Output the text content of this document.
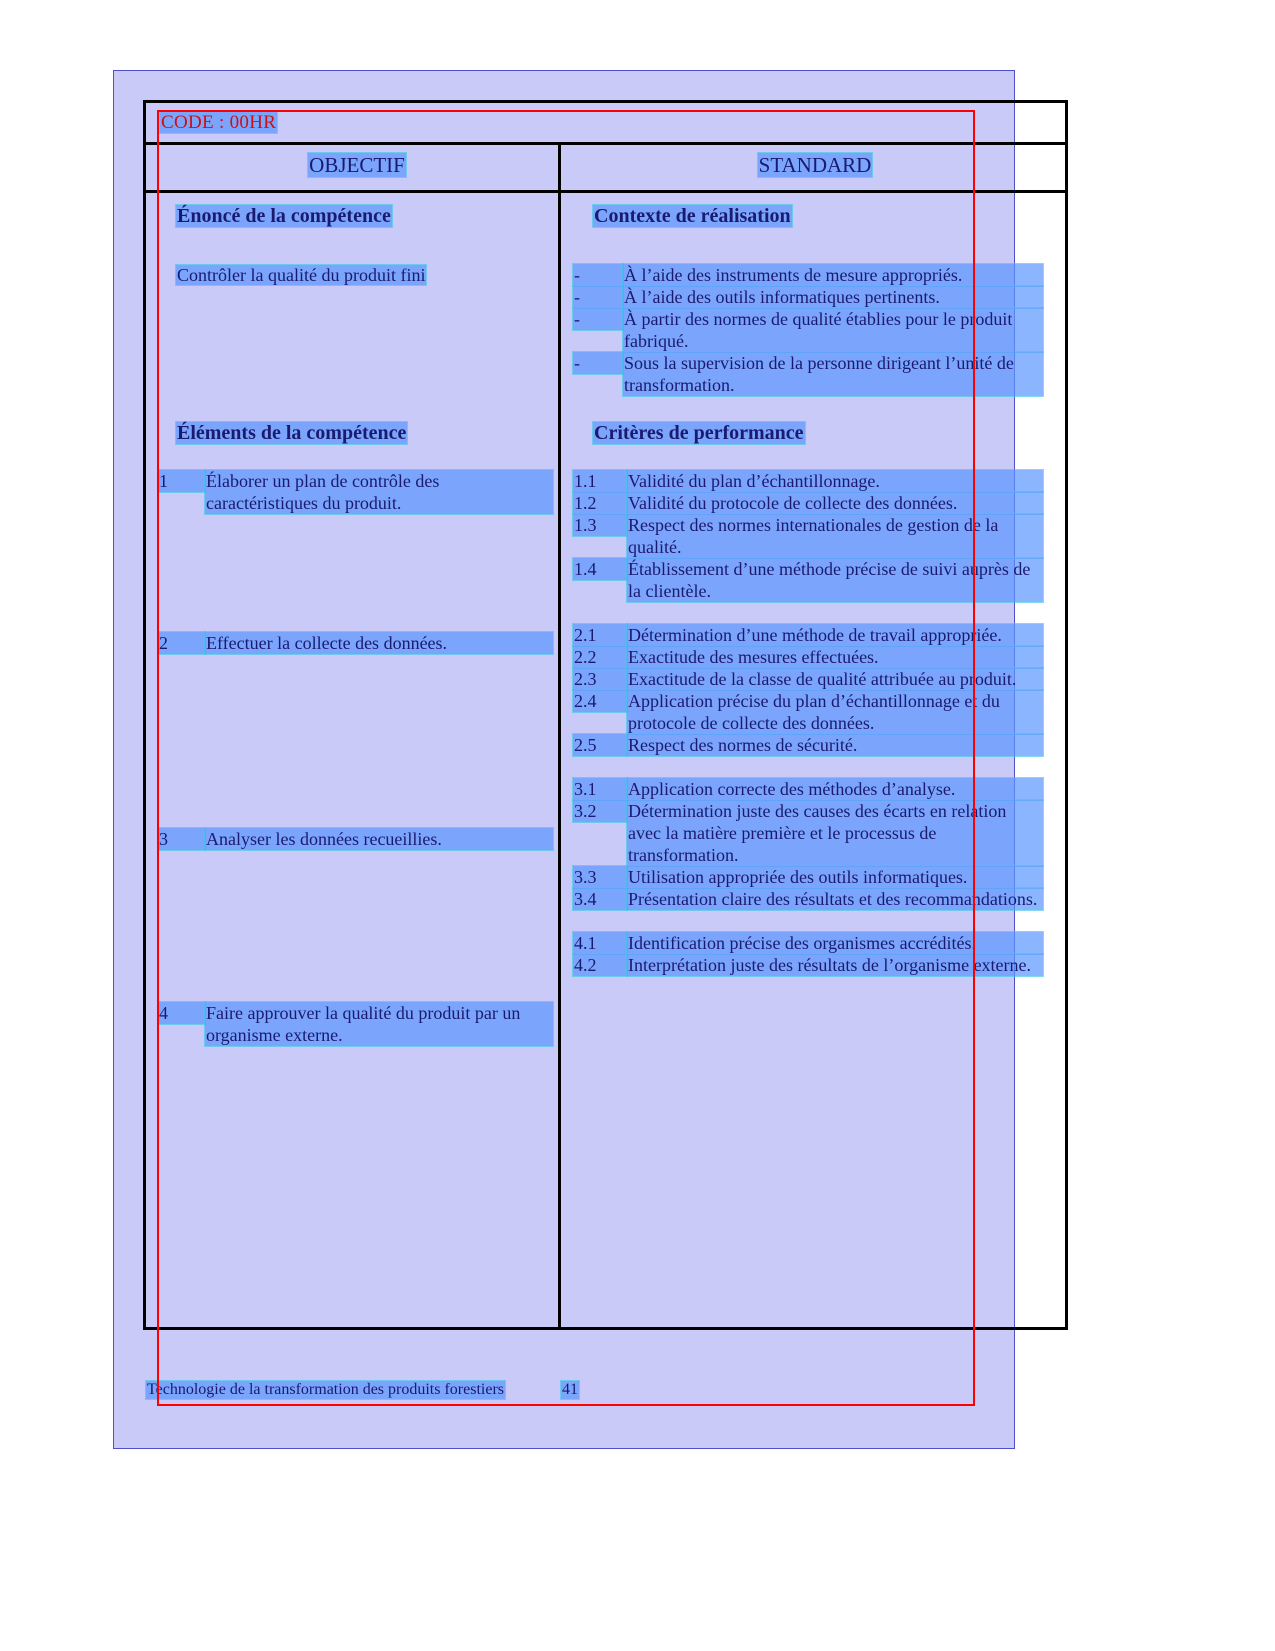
CODE : 00HR
OBJECTIF	STANDARD
Énoncé de la compétence	Contexte de réalisation
Contrôler la qualité du produit fini	-	À l’aide des instruments de mesure appropriés.
-	À l’aide des outils informatiques pertinents.
-	À partir des normes de qualité établies pour le produit fabriqué.
-	Sous la supervision de la personne dirigeant l’unité de transformation.
Éléments de la compétence	Critères de performance
1	Élaborer un plan de contrôle des caractéristiques du produit.
2	Effectuer la collecte des données.
3	Analyser les données recueillies.
4	Faire approuver la qualité du produit par un organisme externe.
1.1	Validité du plan d’échantillonnage.
1.2	Validité du protocole de collecte des données.
1.3	Respect des normes internationales de gestion de la qualité.
1.4	Établissement d’une méthode précise de suivi auprès de la clientèle.
2.1	Détermination d’une méthode de travail appropriée.
2.2	Exactitude des mesures effectuées.
2.3	Exactitude de la classe de qualité attribuée au produit.
2.4	Application précise du plan d’échantillonnage et du protocole de collecte des données.
2.5	Respect des normes de sécurité.
3.1	Application correcte des méthodes d’analyse.
3.2	Détermination juste des causes des écarts en relation avec la matière première et le processus de transformation.
3.3	Utilisation appropriée des outils informatiques.
3.4	Présentation claire des résultats et des recommandations.
4.1	Identification précise des organismes accrédités.
4.2	Interprétation juste des résultats de l’organisme externe.
Technologie de la transformation des produits forestiers	41
